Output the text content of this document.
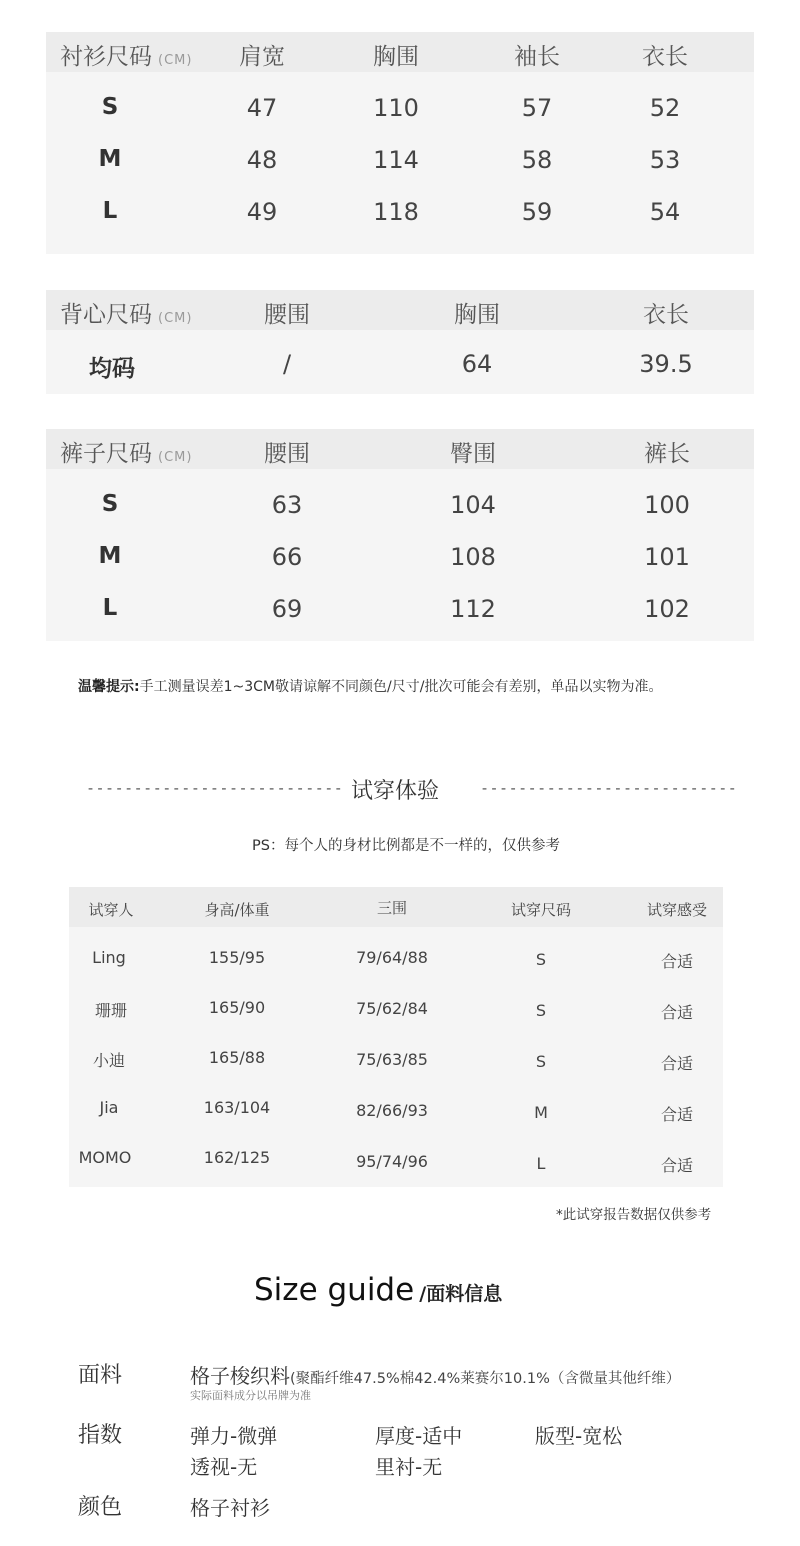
衬衫尺码 (CM) 肩宽	胸围	袖长	衣长
S	47	110	57	52
M	48	114	58	53
L	49	118	59	54
背心尺码 (CM)	腰围	胸围	衣长
均码	/	64	39.5
裤子尺码 (CM)	腰围	臀围	裤长
S	63	104	100
M	66	108	101
L	69	112	102
温馨提示:手工测量误差1~3CM敬请谅解不同颜色/尺寸/批次可能会有差别，单品以实物为准。
--------------------------- 试穿体验	---------------------------
PS：每个人的身材比例都是不一样的，仅供参考
试穿人	身高/体重	三围	试穿尺码	试穿感受
Ling	155/95	79/64/88	S	合适
珊珊	165/90	75/62/84	S	合适
小迪	165/88	75/63/85	S	合适
Jia	163/104	82/66/93	M	合适
MOMO	162/125	95/74/96	L	合适
*此试穿报告数据仅供参考
Size guide /面料信息
面料	格子梭织料(聚酯纤维47.5%棉42.4%莱赛尔10.1%（含微量其他纤维）
实际面料成分以吊牌为准
指数	弹力-微弹	厚度-适中	版型-宽松
透视-无	里衬-无
颜色	格子衬衫
